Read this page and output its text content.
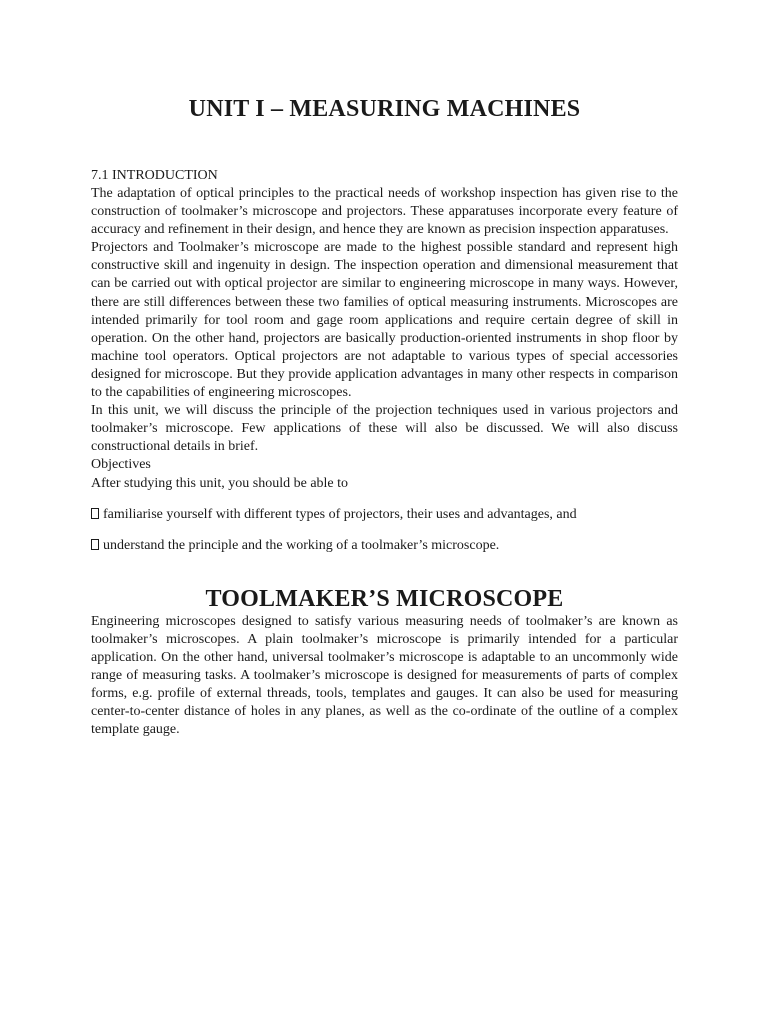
UNIT I – MEASURING MACHINES
7.1 INTRODUCTION

The adaptation of optical principles to the practical needs of workshop inspection has given rise to the construction of toolmaker’s microscope and projectors. These apparatuses incorporate every feature of accuracy and refinement in their design, and hence they are known as precision inspection apparatuses.

Projectors and Toolmaker’s microscope are made to the highest possible standard and represent high constructive skill and ingenuity in design. The inspection operation and dimensional measurement that can be carried out with optical projector are similar to engineering microscope in many ways. However, there are still differences between these two families of optical measuring instruments. Microscopes are intended primarily for tool room and gage room applications and require certain degree of skill in operation. On the other hand, projectors are basically production-oriented instruments in shop floor by machine tool operators. Optical projectors are not adaptable to various types of special accessories designed for microscope. But they provide application advantages in many other respects in comparison to the capabilities of engineering microscopes.

In this unit, we will discuss the principle of the projection techniques used in various projectors and toolmaker’s microscope. Few applications of these will also be discussed. We will also discuss constructional details in brief.

Objectives

After studying this unit, you should be able to

familiarise yourself with different types of projectors, their uses and advantages, and
understand the principle and the working of a toolmaker’s microscope.
TOOLMAKER’S MICROSCOPE

Engineering microscopes designed to satisfy various measuring needs of toolmaker’s are known as toolmaker’s microscopes. A plain toolmaker’s microscope is primarily intended for a particular application. On the other hand, universal toolmaker’s microscope is adaptable to an uncommonly wide range of measuring tasks. A toolmaker’s microscope is designed for measurements of parts of complex forms, e.g. profile of external threads, tools, templates and gauges. It can also be used for measuring center-to-center distance of holes in any planes, as well as the co-ordinate of the outline of a complex template gauge.
